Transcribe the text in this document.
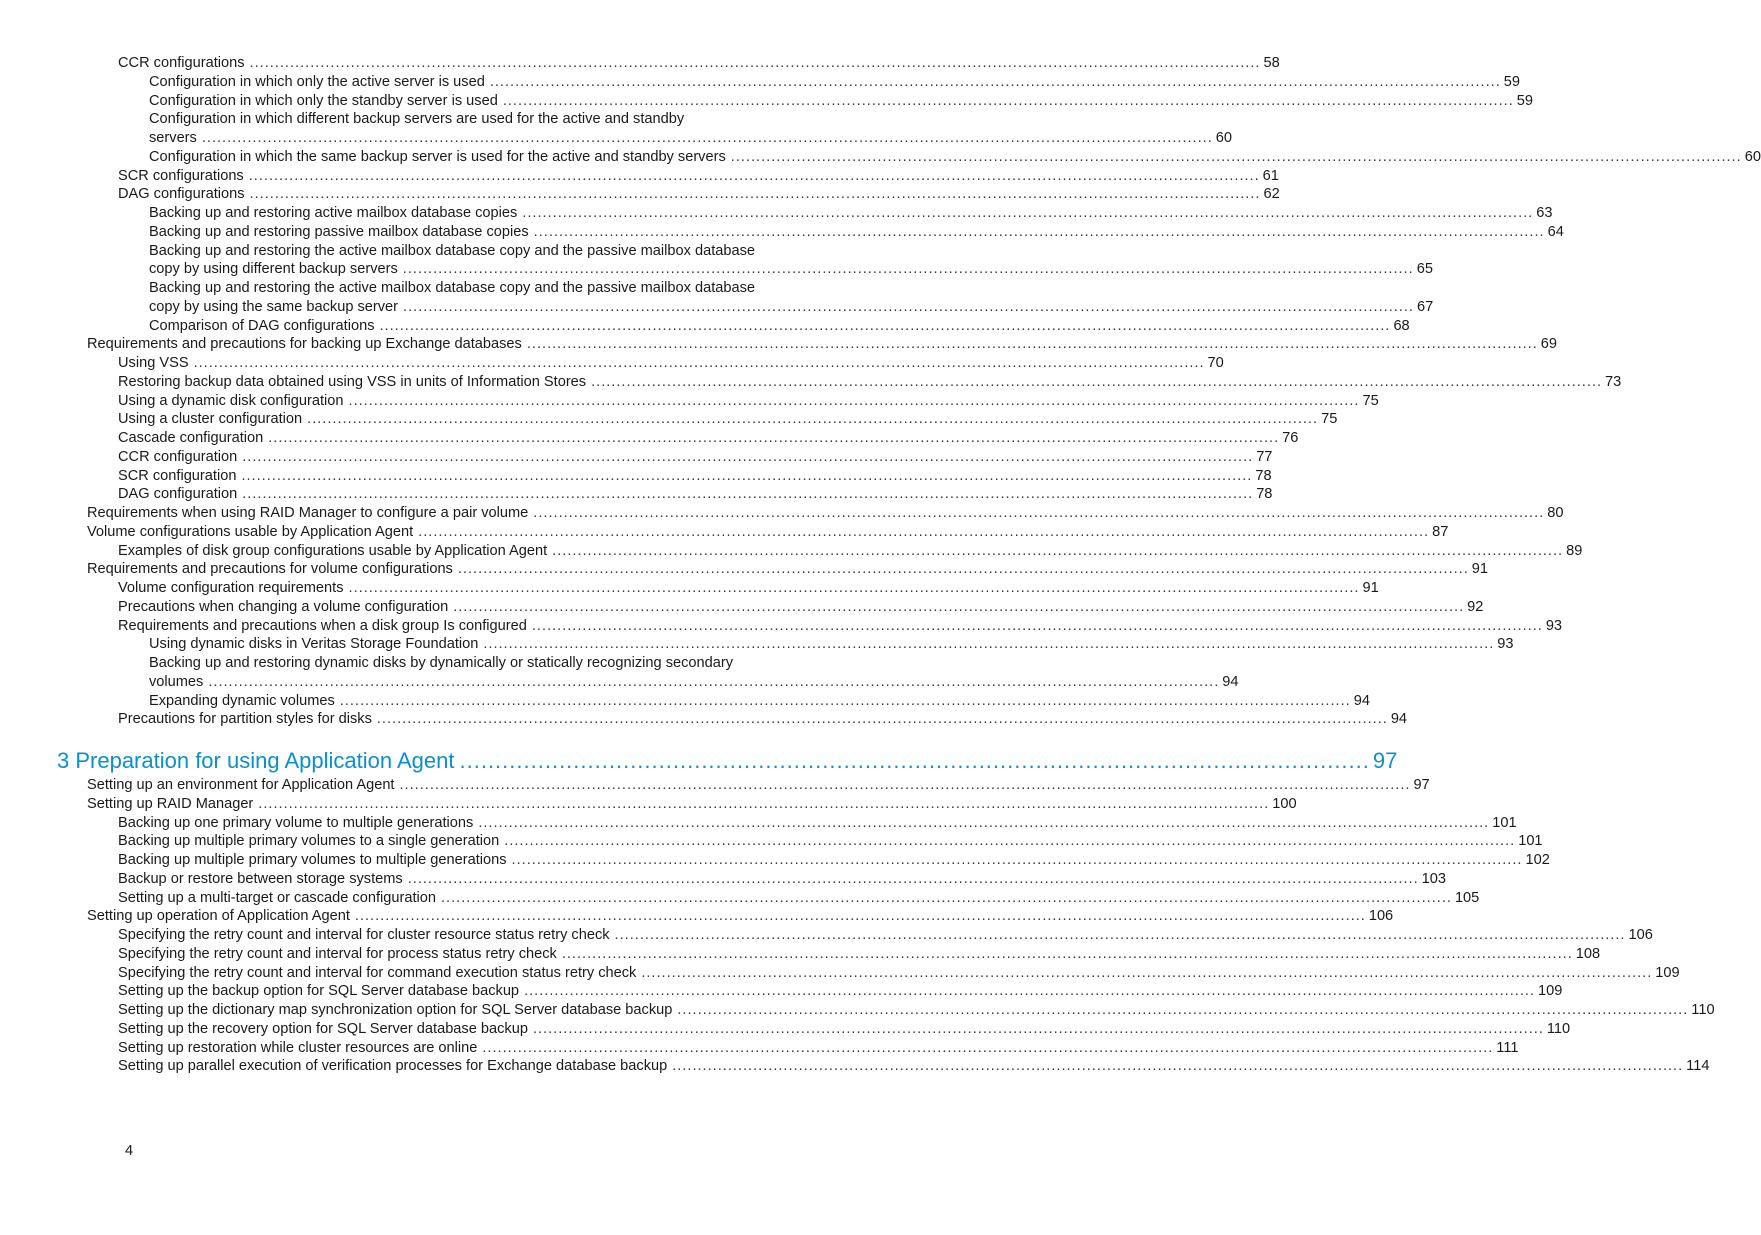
CCR configurations ........................................................................................................................................................................................................ 58
Configuration in which only the active server is used ........................................................................................................................................................................................................ 59
Configuration in which only the standby server is used ........................................................................................................................................................................................................ 59
Configuration in which different backup servers are used for the active and standby
servers ........................................................................................................................................................................................................ 60
Configuration in which the same backup server is used for the active and standby servers ........................................................................................................................................................................................................ 60
SCR configurations ........................................................................................................................................................................................................ 61
DAG configurations ........................................................................................................................................................................................................ 62
Backing up and restoring active mailbox database copies ........................................................................................................................................................................................................ 63
Backing up and restoring passive mailbox database copies ........................................................................................................................................................................................................ 64
Backing up and restoring the active mailbox database copy and the passive mailbox database
copy by using different backup servers ........................................................................................................................................................................................................ 65
Backing up and restoring the active mailbox database copy and the passive mailbox database
copy by using the same backup server ........................................................................................................................................................................................................ 67
Comparison of DAG configurations ........................................................................................................................................................................................................ 68
Requirements and precautions for backing up Exchange databases ........................................................................................................................................................................................................ 69
Using VSS ........................................................................................................................................................................................................ 70
Restoring backup data obtained using VSS in units of Information Stores ........................................................................................................................................................................................................ 73
Using a dynamic disk configuration ........................................................................................................................................................................................................ 75
Using a cluster configuration ........................................................................................................................................................................................................ 75
Cascade configuration ........................................................................................................................................................................................................ 76
CCR configuration ........................................................................................................................................................................................................ 77
SCR configuration ........................................................................................................................................................................................................ 78
DAG configuration ........................................................................................................................................................................................................ 78
Requirements when using RAID Manager to configure a pair volume ........................................................................................................................................................................................................ 80
Volume configurations usable by Application Agent ........................................................................................................................................................................................................ 87
Examples of disk group configurations usable by Application Agent ........................................................................................................................................................................................................ 89
Requirements and precautions for volume configurations ........................................................................................................................................................................................................ 91
Volume configuration requirements ........................................................................................................................................................................................................ 91
Precautions when changing a volume configuration ........................................................................................................................................................................................................ 92
Requirements and precautions when a disk group Is configured ........................................................................................................................................................................................................ 93
Using dynamic disks in Veritas Storage Foundation ........................................................................................................................................................................................................ 93
Backing up and restoring dynamic disks by dynamically or statically recognizing secondary
volumes ........................................................................................................................................................................................................ 94
Expanding dynamic volumes ........................................................................................................................................................................................................ 94
Precautions for partition styles for disks ........................................................................................................................................................................................................ 94
3 Preparation for using Application Agent ................................................................................................................................ 97
Setting up an environment for Application Agent ........................................................................................................................................................................................................ 97
Setting up RAID Manager ........................................................................................................................................................................................................ 100
Backing up one primary volume to multiple generations ........................................................................................................................................................................................................ 101
Backing up multiple primary volumes to a single generation ........................................................................................................................................................................................................ 101
Backing up multiple primary volumes to multiple generations ........................................................................................................................................................................................................ 102
Backup or restore between storage systems ........................................................................................................................................................................................................ 103
Setting up a multi-target or cascade configuration ........................................................................................................................................................................................................ 105
Setting up operation of Application Agent ........................................................................................................................................................................................................ 106
Specifying the retry count and interval for cluster resource status retry check ........................................................................................................................................................................................................ 106
Specifying the retry count and interval for process status retry check ........................................................................................................................................................................................................ 108
Specifying the retry count and interval for command execution status retry check ........................................................................................................................................................................................................ 109
Setting up the backup option for SQL Server database backup ........................................................................................................................................................................................................ 109
Setting up the dictionary map synchronization option for SQL Server database backup ........................................................................................................................................................................................................ 110
Setting up the recovery option for SQL Server database backup ........................................................................................................................................................................................................ 110
Setting up restoration while cluster resources are online ........................................................................................................................................................................................................ 111
Setting up parallel execution of verification processes for Exchange database backup ........................................................................................................................................................................................................ 114
4
